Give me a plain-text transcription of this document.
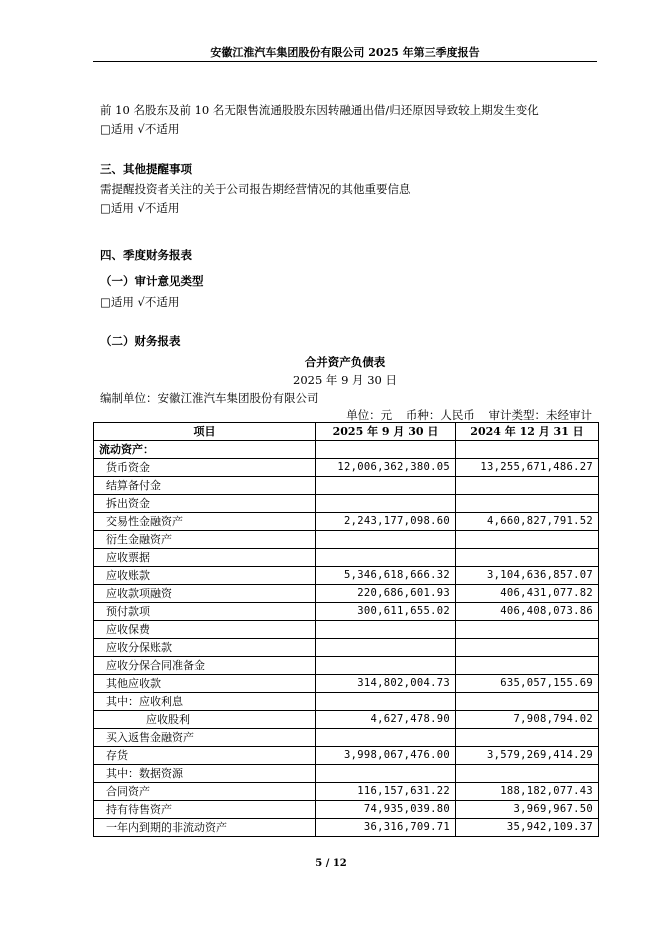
安徽江淮汽车集团股份有限公司 2025 年第三季度报告
前 10 名股东及前 10 名无限售流通股股东因转融通出借/归还原因导致较上期发生变化
□适用 √不适用
三、其他提醒事项
需提醒投资者关注的关于公司报告期经营情况的其他重要信息
□适用 √不适用
四、季度财务报表
（一）审计意见类型
□适用 √不适用
（二）财务报表
合并资产负债表
2025 年 9 月 30 日
编制单位：安徽江淮汽车集团股份有限公司
单位：元 币种：人民币 审计类型：未经审计
项目	2025 年 9 月 30 日	2024 年 12 月 31 日
流动资产：		
货币资金	12,006,362,380.05	13,255,671,486.27
结算备付金		
拆出资金		
交易性金融资产	2,243,177,098.60	4,660,827,791.52
衍生金融资产		
应收票据		
应收账款	5,346,618,666.32	3,104,636,857.07
应收款项融资	220,686,601.93	406,431,077.82
预付款项	300,611,655.02	406,408,073.86
应收保费		
应收分保账款		
应收分保合同准备金		
其他应收款	314,802,004.73	635,057,155.69
其中：应收利息		
应收股利	4,627,478.90	7,908,794.02
买入返售金融资产		
存货	3,998,067,476.00	3,579,269,414.29
其中：数据资源		
合同资产	116,157,631.22	188,182,077.43
持有待售资产	74,935,039.80	3,969,967.50
一年内到期的非流动资产	36,316,709.71	35,942,109.37
5 / 12
